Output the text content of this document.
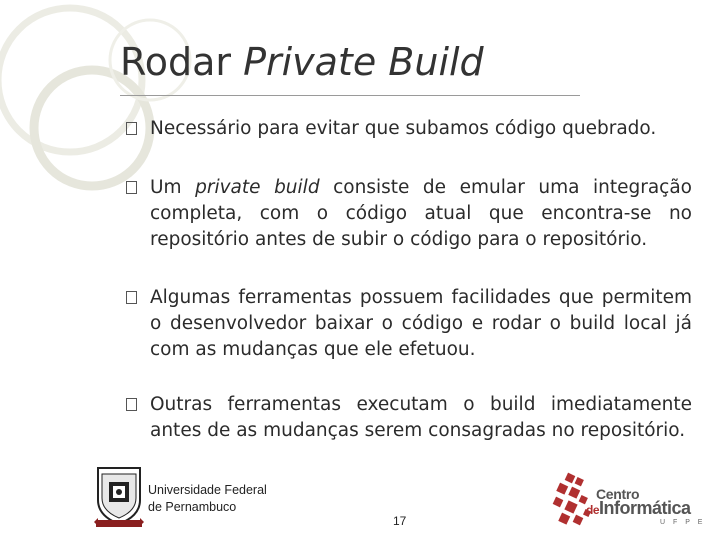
Rodar Private Build
Necessário para evitar que subamos código quebrado.
Um private build consiste de emular uma integração completa, com o código atual que encontra-se no repositório antes de subir o código para o repositório.
Algumas ferramentas possuem facilidades que permitem o desenvolvedor baixar o código e rodar o build local já com as mudanças que ele efetuou.
Outras ferramentas executam o build imediatamente antes de as mudanças serem consagradas no repositório.
Universidade Federal
de Pernambuco
17
Centro
deInformática
U F P E
